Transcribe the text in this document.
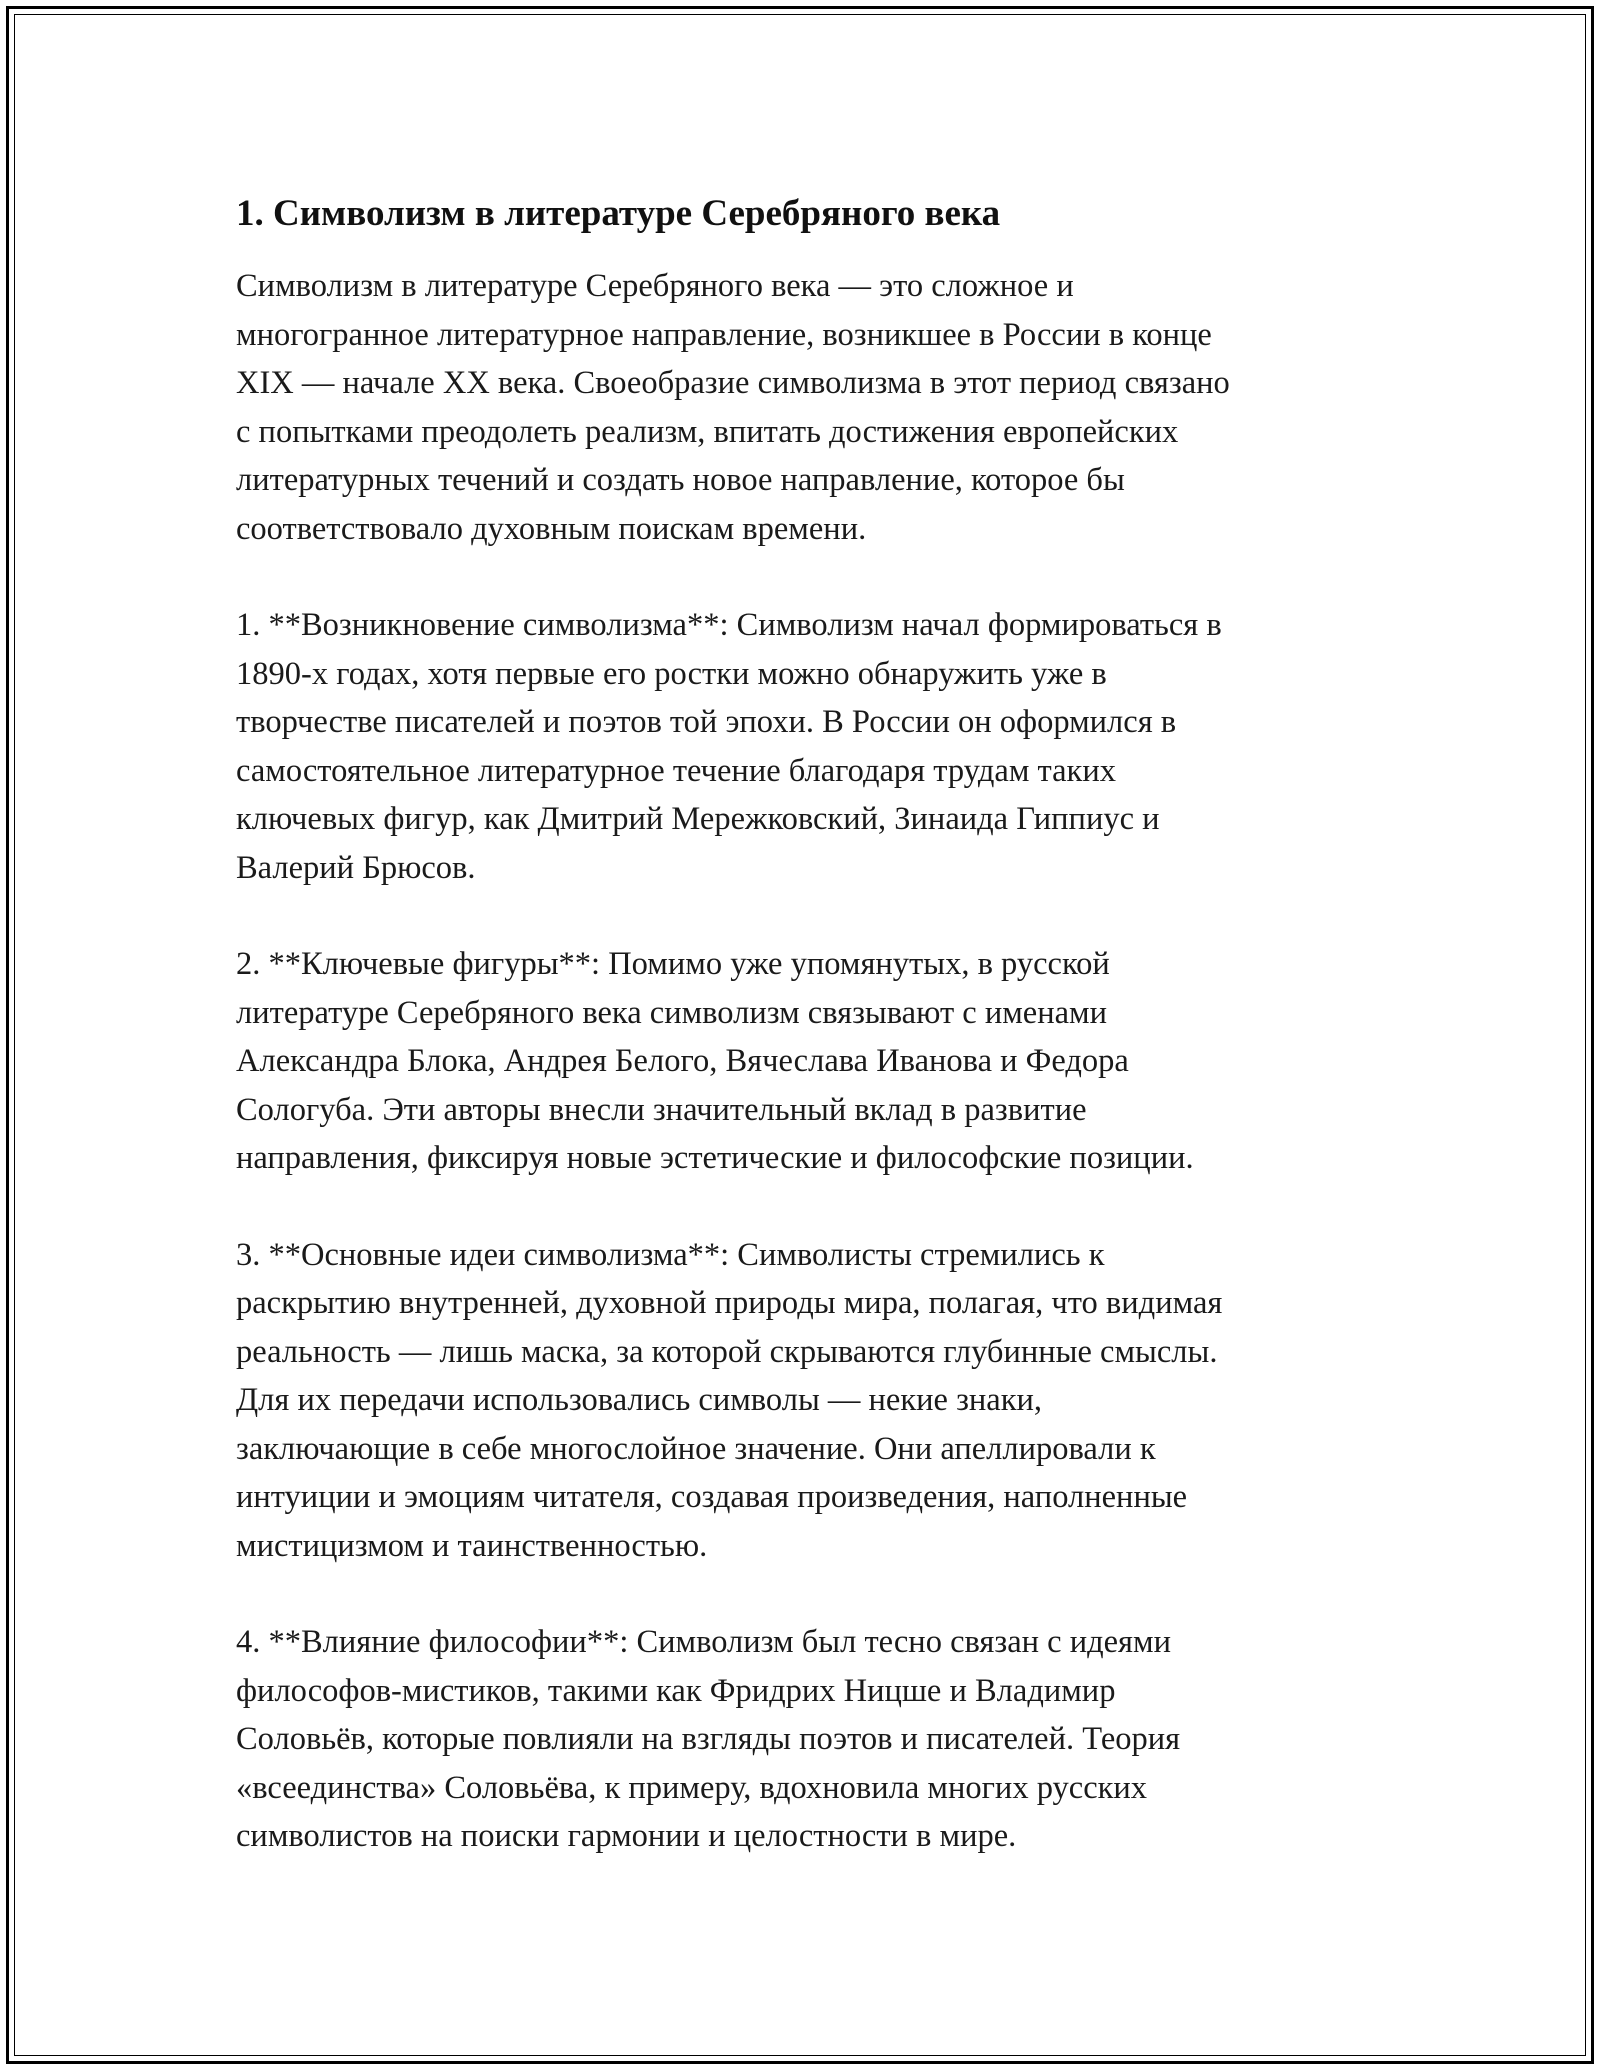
1. Символизм в литературе Серебряного века

Символизм в литературе Серебряного века — это сложное и
многогранное литературное направление, возникшее в России в конце
XIX — начале XX века. Своеобразие символизма в этот период связано
с попытками преодолеть реализм, впитать достижения европейских
литературных течений и создать новое направление, которое бы
соответствовало духовным поискам времени.

1. **Возникновение символизма**: Символизм начал формироваться в
1890-х годах, хотя первые его ростки можно обнаружить уже в
творчестве писателей и поэтов той эпохи. В России он оформился в
самостоятельное литературное течение благодаря трудам таких
ключевых фигур, как Дмитрий Мережковский, Зинаида Гиппиус и
Валерий Брюсов.

2. **Ключевые фигуры**: Помимо уже упомянутых, в русской
литературе Серебряного века символизм связывают с именами
Александра Блока, Андрея Белого, Вячеслава Иванова и Федора
Сологуба. Эти авторы внесли значительный вклад в развитие
направления, фиксируя новые эстетические и философские позиции.

3. **Основные идеи символизма**: Символисты стремились к
раскрытию внутренней, духовной природы мира, полагая, что видимая
реальность — лишь маска, за которой скрываются глубинные смыслы.
Для их передачи использовались символы — некие знаки,
заключающие в себе многослойное значение. Они апеллировали к
интуиции и эмоциям читателя, создавая произведения, наполненные
мистицизмом и таинственностью.

4. **Влияние философии**: Символизм был тесно связан с идеями
философов-мистиков, такими как Фридрих Ницше и Владимир
Соловьёв, которые повлияли на взгляды поэтов и писателей. Теория
«всеединства» Соловьёва, к примеру, вдохновила многих русских
символистов на поиски гармонии и целостности в мире.
